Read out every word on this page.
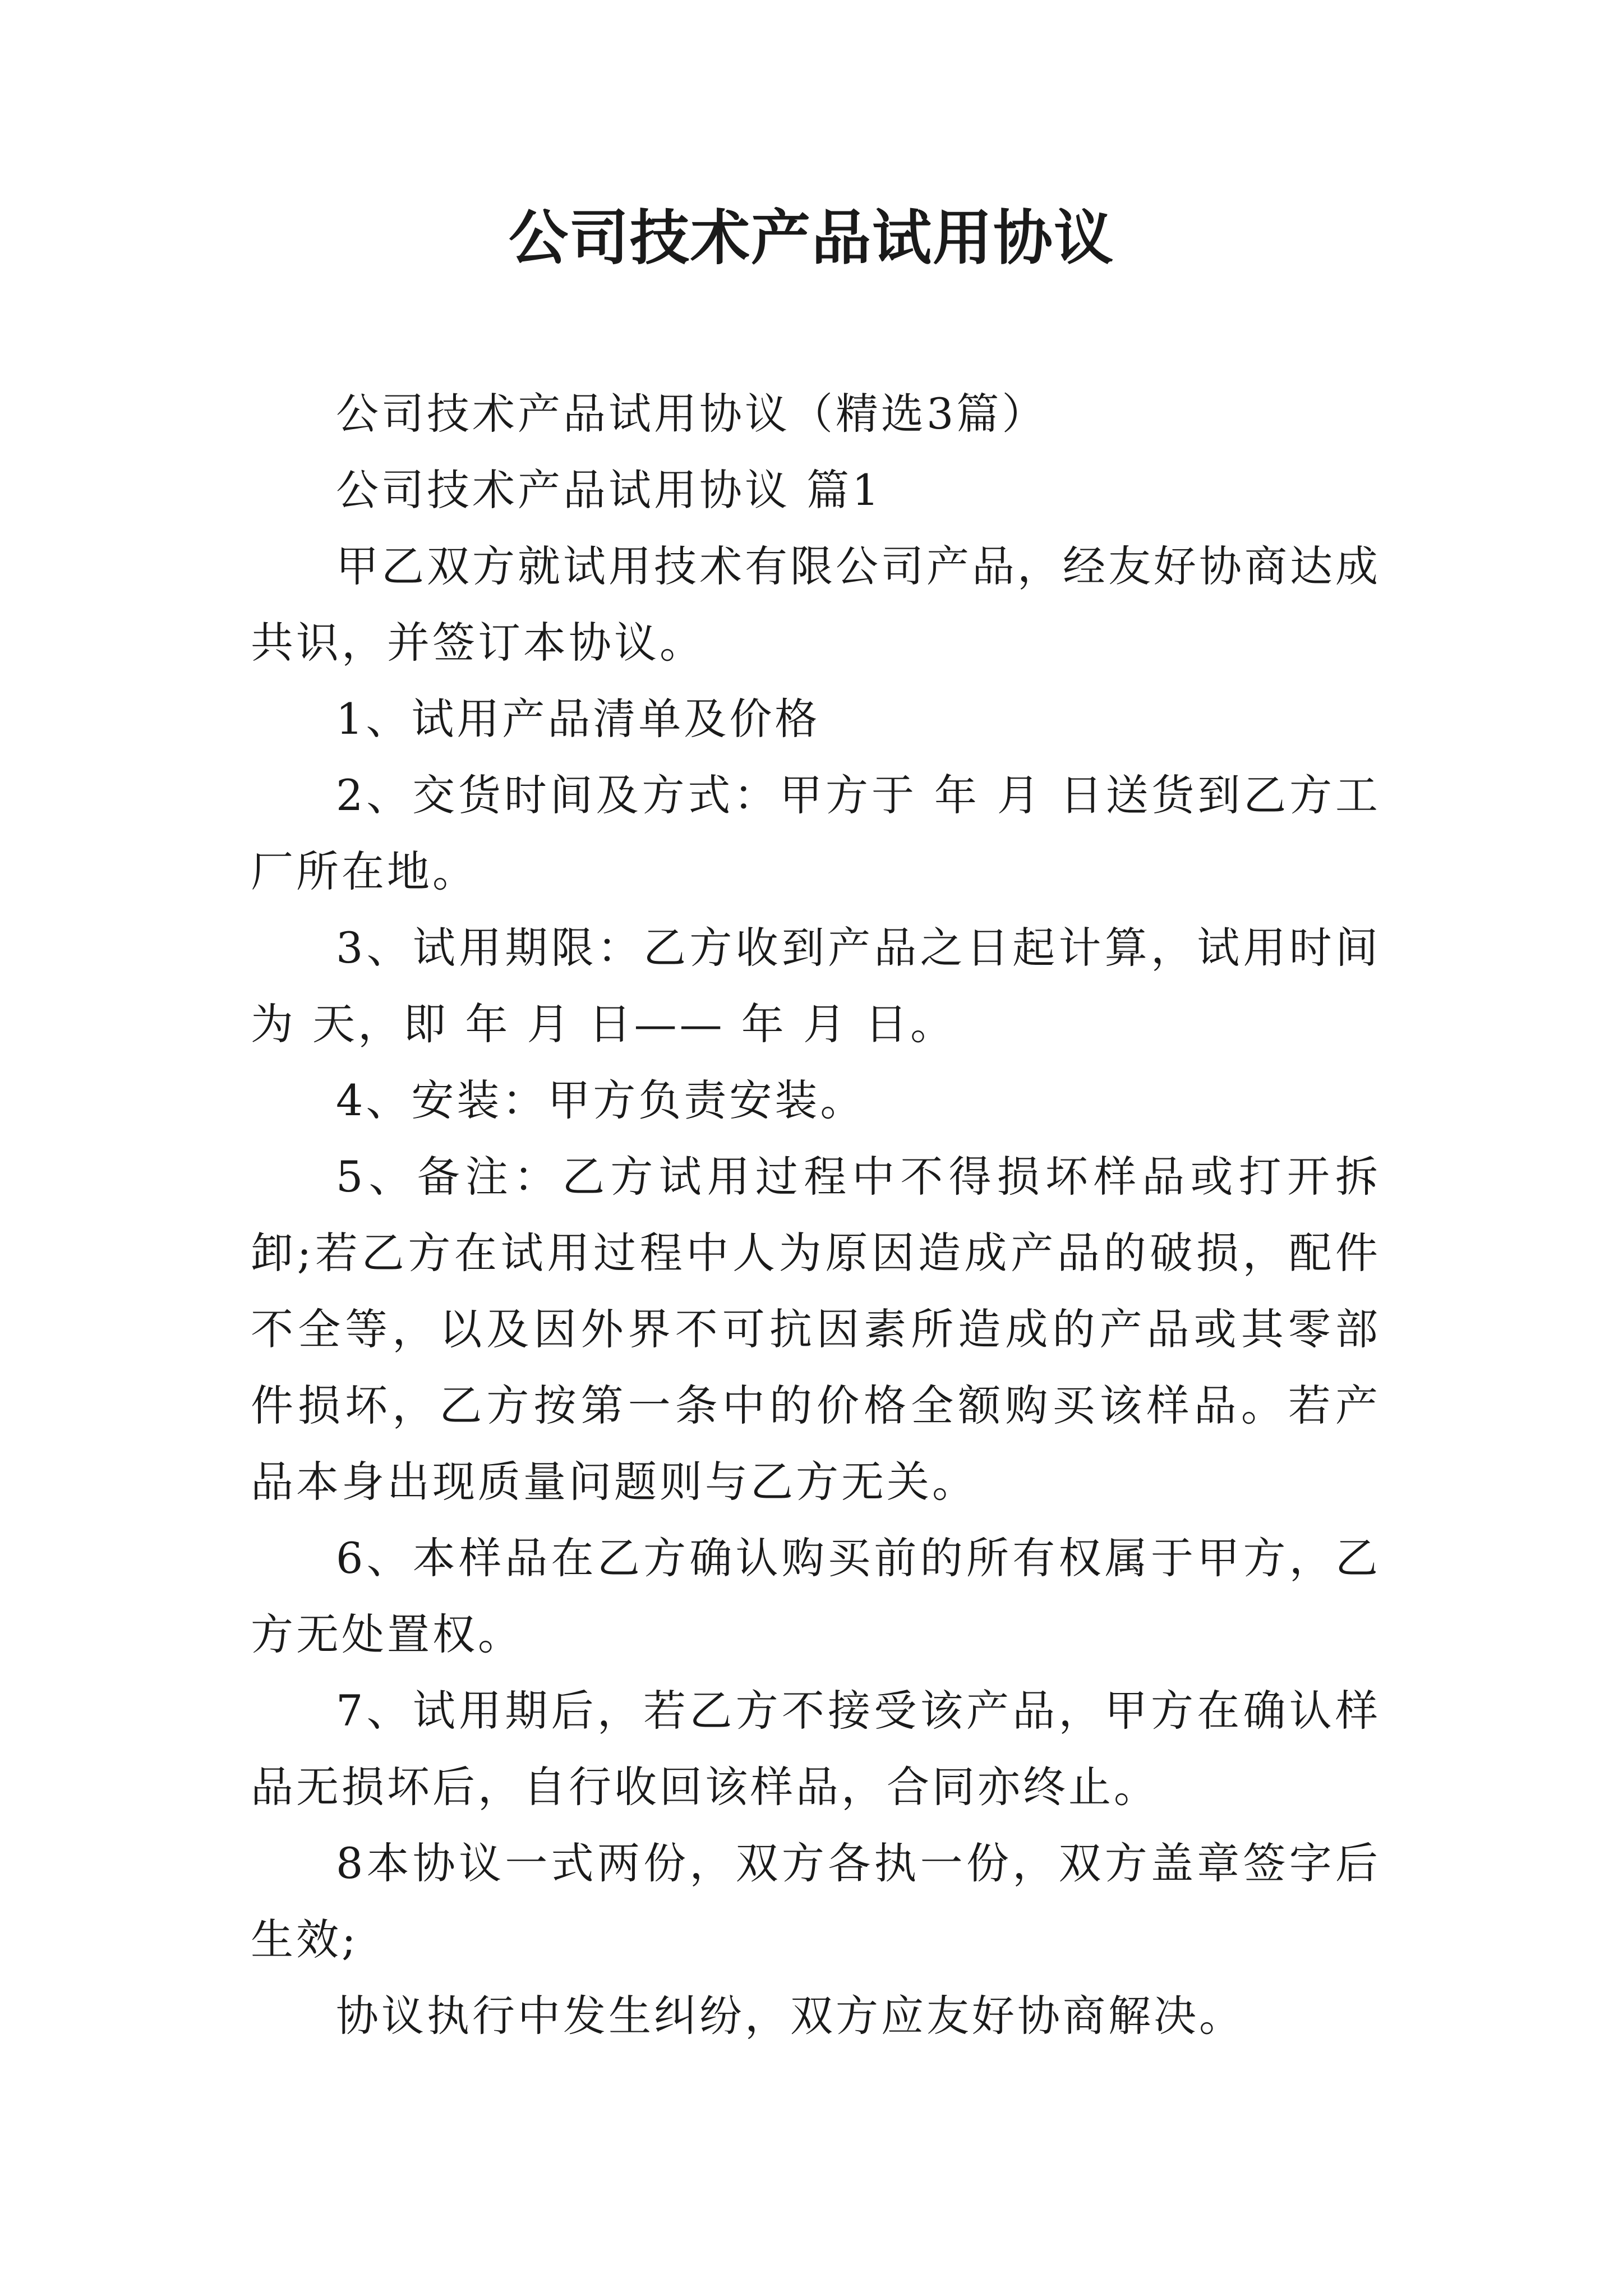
公司技术产品试用协议

公司技术产品试用协议（精选3篇）

公司技术产品试用协议 篇1

甲乙双方就试用技术有限公司产品，经友好协商达成共识，并签订本协议。

1、试用产品清单及价格

2、交货时间及方式：甲方于 年 月 日送货到乙方工厂所在地。

3、试用期限：乙方收到产品之日起计算，试用时间为 天，即 年 月 日—— 年 月 日。

4、安装：甲方负责安装。

5、备注：乙方试用过程中不得损坏样品或打开拆卸;若乙方在试用过程中人为原因造成产品的破损，配件不全等，以及因外界不可抗因素所造成的产品或其零部件损坏，乙方按第一条中的价格全额购买该样品。若产品本身出现质量问题则与乙方无关。

6、本样品在乙方确认购买前的所有权属于甲方，乙方无处置权。

7、试用期后，若乙方不接受该产品，甲方在确认样品无损坏后，自行收回该样品，合同亦终止。

8本协议一式两份，双方各执一份，双方盖章签字后生效;

协议执行中发生纠纷，双方应友好协商解决。
